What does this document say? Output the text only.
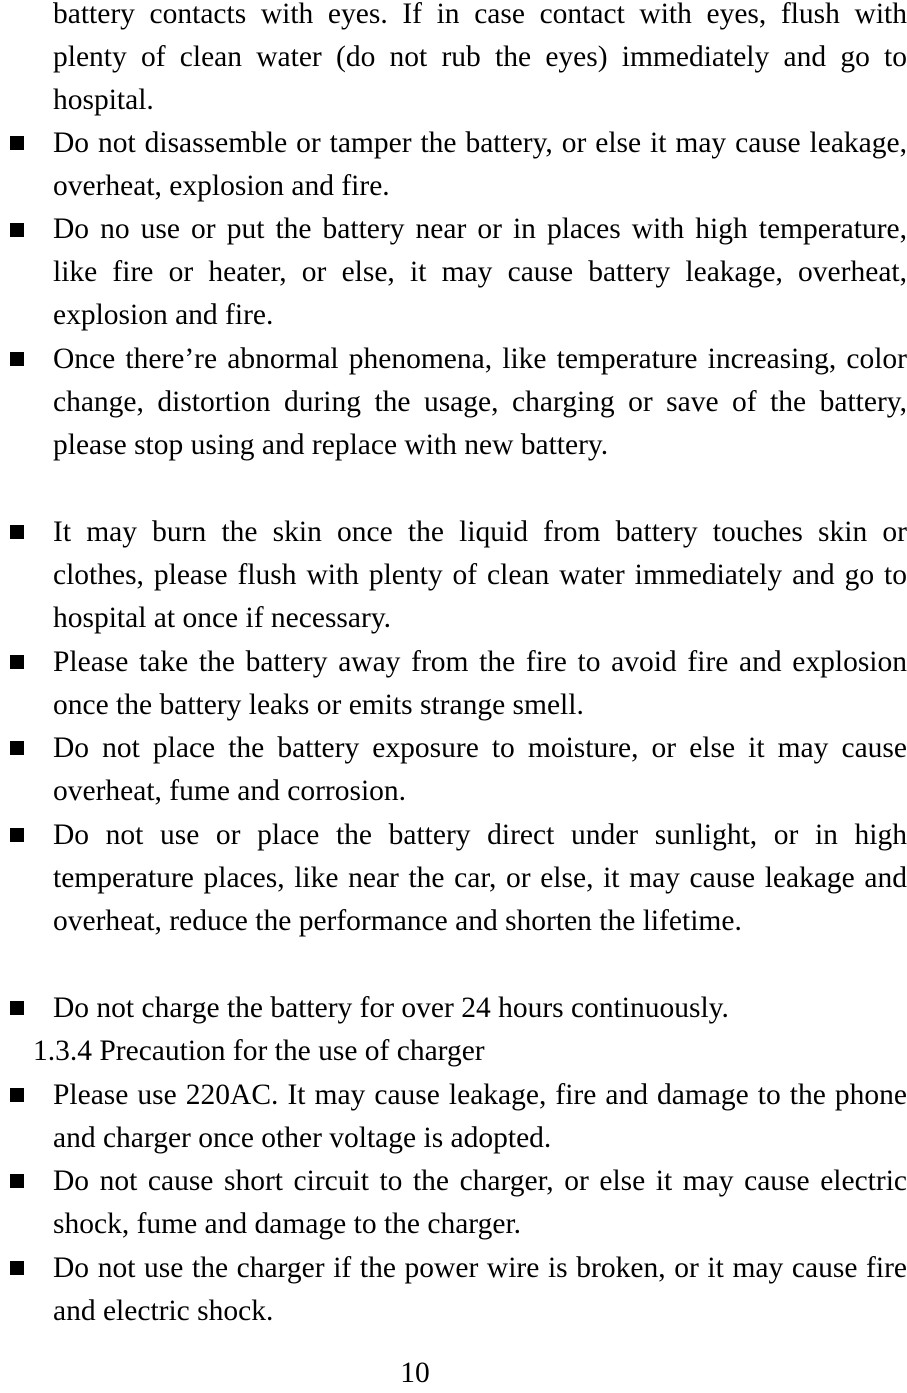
battery contacts with eyes. If in case contact with eyes, flush with plenty of clean water (do not rub the eyes) immediately and go to hospital.

Do not disassemble or tamper the battery, or else it may cause leakage, overheat, explosion and fire.

Do no use or put the battery near or in places with high temperature, like fire or heater, or else, it may cause battery leakage, overheat, explosion and fire.

Once there’re abnormal phenomena, like temperature increasing, color change, distortion during the usage, charging or save of the battery, please stop using and replace with new battery.

It may burn the skin once the liquid from battery touches skin or clothes, please flush with plenty of clean water immediately and go to hospital at once if necessary.

Please take the battery away from the fire to avoid fire and explosion once the battery leaks or emits strange smell.

Do not place the battery exposure to moisture, or else it may cause overheat, fume and corrosion.

Do not use or place the battery direct under sunlight, or in high temperature places, like near the car, or else, it may cause leakage and overheat, reduce the performance and shorten the lifetime.

Do not charge the battery for over 24 hours continuously.

1.3.4 Precaution for the use of charger

Please use 220AC. It may cause leakage, fire and damage to the phone and charger once other voltage is adopted.

Do not cause short circuit to the charger, or else it may cause electric shock, fume and damage to the charger.

Do not use the charger if the power wire is broken, or it may cause fire and electric shock.

10
